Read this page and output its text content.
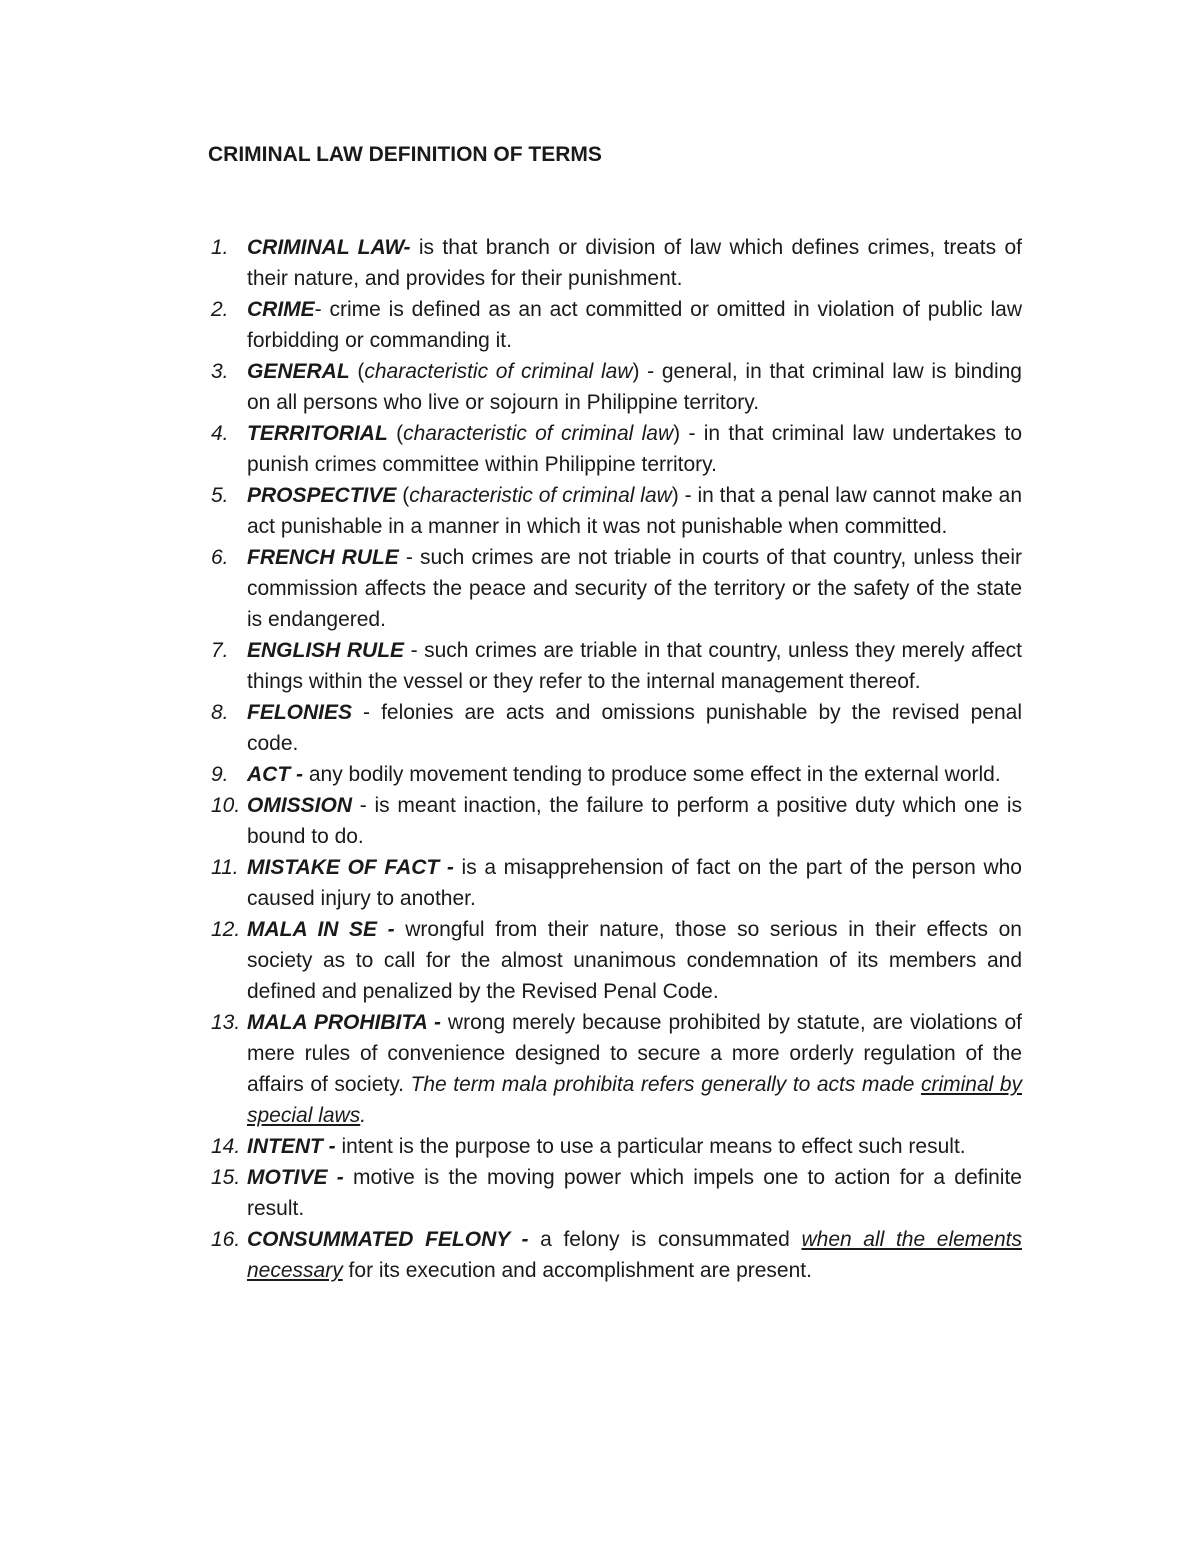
CRIMINAL LAW DEFINITION OF TERMS
1. CRIMINAL LAW- is that branch or division of law which defines crimes, treats of their nature, and provides for their punishment.
2. CRIME- crime is defined as an act committed or omitted in violation of public law forbidding or commanding it.
3. GENERAL (characteristic of criminal law) - general, in that criminal law is binding on all persons who live or sojourn in Philippine territory.
4. TERRITORIAL (characteristic of criminal law) - in that criminal law undertakes to punish crimes committee within Philippine territory.
5. PROSPECTIVE (characteristic of criminal law) - in that a penal law cannot make an act punishable in a manner in which it was not punishable when committed.
6. FRENCH RULE - such crimes are not triable in courts of that country, unless their commission affects the peace and security of the territory or the safety of the state is endangered.
7. ENGLISH RULE - such crimes are triable in that country, unless they merely affect things within the vessel or they refer to the internal management thereof.
8. FELONIES - felonies are acts and omissions punishable by the revised penal code.
9. ACT - any bodily movement tending to produce some effect in the external world.
10. OMISSION - is meant inaction, the failure to perform a positive duty which one is bound to do.
11. MISTAKE OF FACT - is a misapprehension of fact on the part of the person who caused injury to another.
12. MALA IN SE - wrongful from their nature, those so serious in their effects on society as to call for the almost unanimous condemnation of its members and defined and penalized by the Revised Penal Code.
13. MALA PROHIBITA - wrong merely because prohibited by statute, are violations of mere rules of convenience designed to secure a more orderly regulation of the affairs of society. The term mala prohibita refers generally to acts made criminal by special laws.
14. INTENT - intent is the purpose to use a particular means to effect such result.
15. MOTIVE - motive is the moving power which impels one to action for a definite result.
16. CONSUMMATED FELONY - a felony is consummated when all the elements necessary for its execution and accomplishment are present.
